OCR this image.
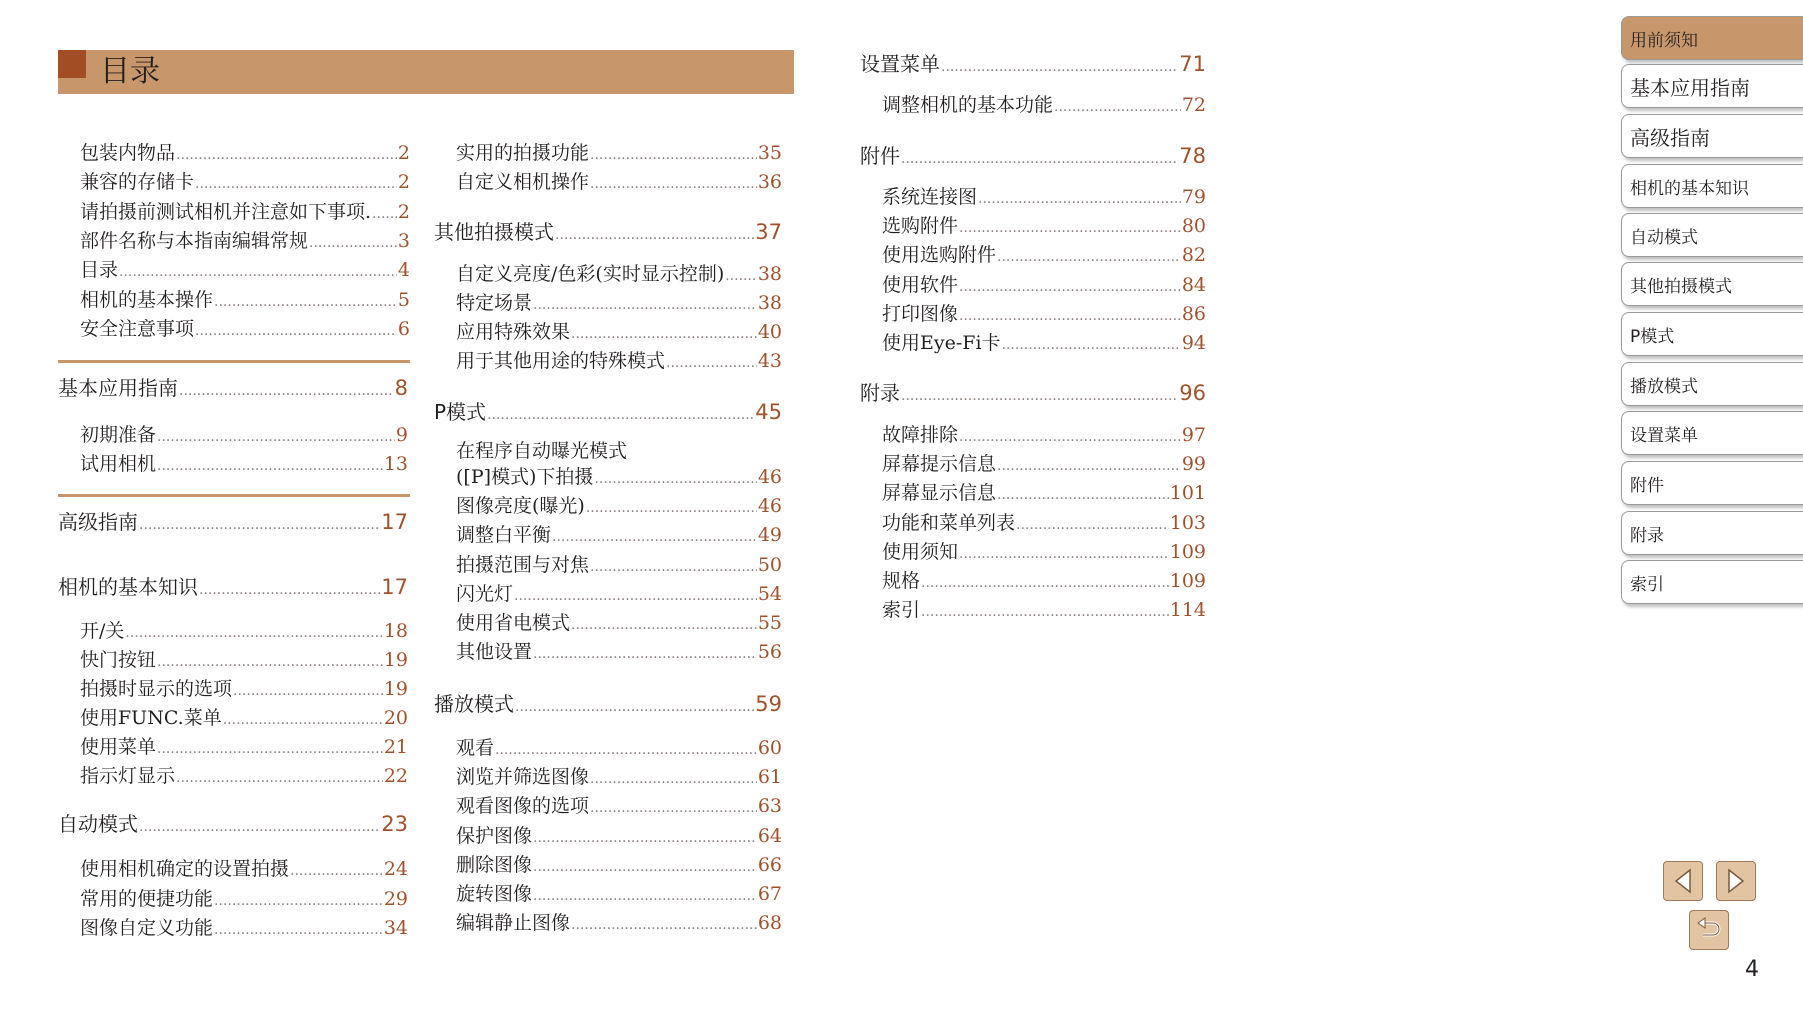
目录
包装内物品 .....	2
兼容的存储卡 .....	2
请拍摄前测试相机并注意如下事项. ..... 2
部件名称与本指南编辑常规 .....	3
目录 .....	4
相机的基本操作 .....	5
安全注意事项 .....	6
基本应用指南 .....	8
初期准备 .....	9
试用相机 .....	13
高级指南 .....	17
相机的基本知识 .....	17
开/关 .....	18
快门按钮 .....	19
拍摄时显示的选项 .....	19
使用FUNC.菜单 .....	20
使用菜单 .....	21
指示灯显示 .....	22
自动模式 .....	23
使用相机确定的设置拍摄 .....	24
常用的便捷功能 .....	29
图像自定义功能 .....	34
实用的拍摄功能 .....	35
自定义相机操作 .....	36
其他拍摄模式 .....	37
自定义亮度/色彩(实时显示控制) ..... 38
特定场景 .....	38
应用特殊效果 .....	40
用于其他用途的特殊模式 .....	43
P模式 .....	45
在程序自动曝光模式
([P]模式)下拍摄 .....	46
图像亮度(曝光) .....	46
调整白平衡 .....	49
拍摄范围与对焦 .....	50
闪光灯 .....	54
使用省电模式 .....	55
其他设置 .....	56
播放模式 .....	59
观看 .....	60
浏览并筛选图像 .....	61
观看图像的选项 .....	63
保护图像 .....	64
删除图像 .....	66
旋转图像 .....	67
编辑静止图像 .....	68
设置菜单 .....	71
调整相机的基本功能 .....	72
附件 .....	78
系统连接图 .....	79
选购附件 .....	80
使用选购附件 .....	82
使用软件 .....	84
打印图像 .....	86
使用Eye-Fi卡 .....	94
附录 .....	96
故障排除 .....	97
屏幕提示信息 .....	99
屏幕显示信息 .....	101
功能和菜单列表 .....	103
使用须知 .....	109
规格 .....	109
索引 .....	114
用前须知
基本应用指南
高级指南
相机的基本知识
自动模式
其他拍摄模式
P模式
播放模式
设置菜单
附件
附录
索引
4
